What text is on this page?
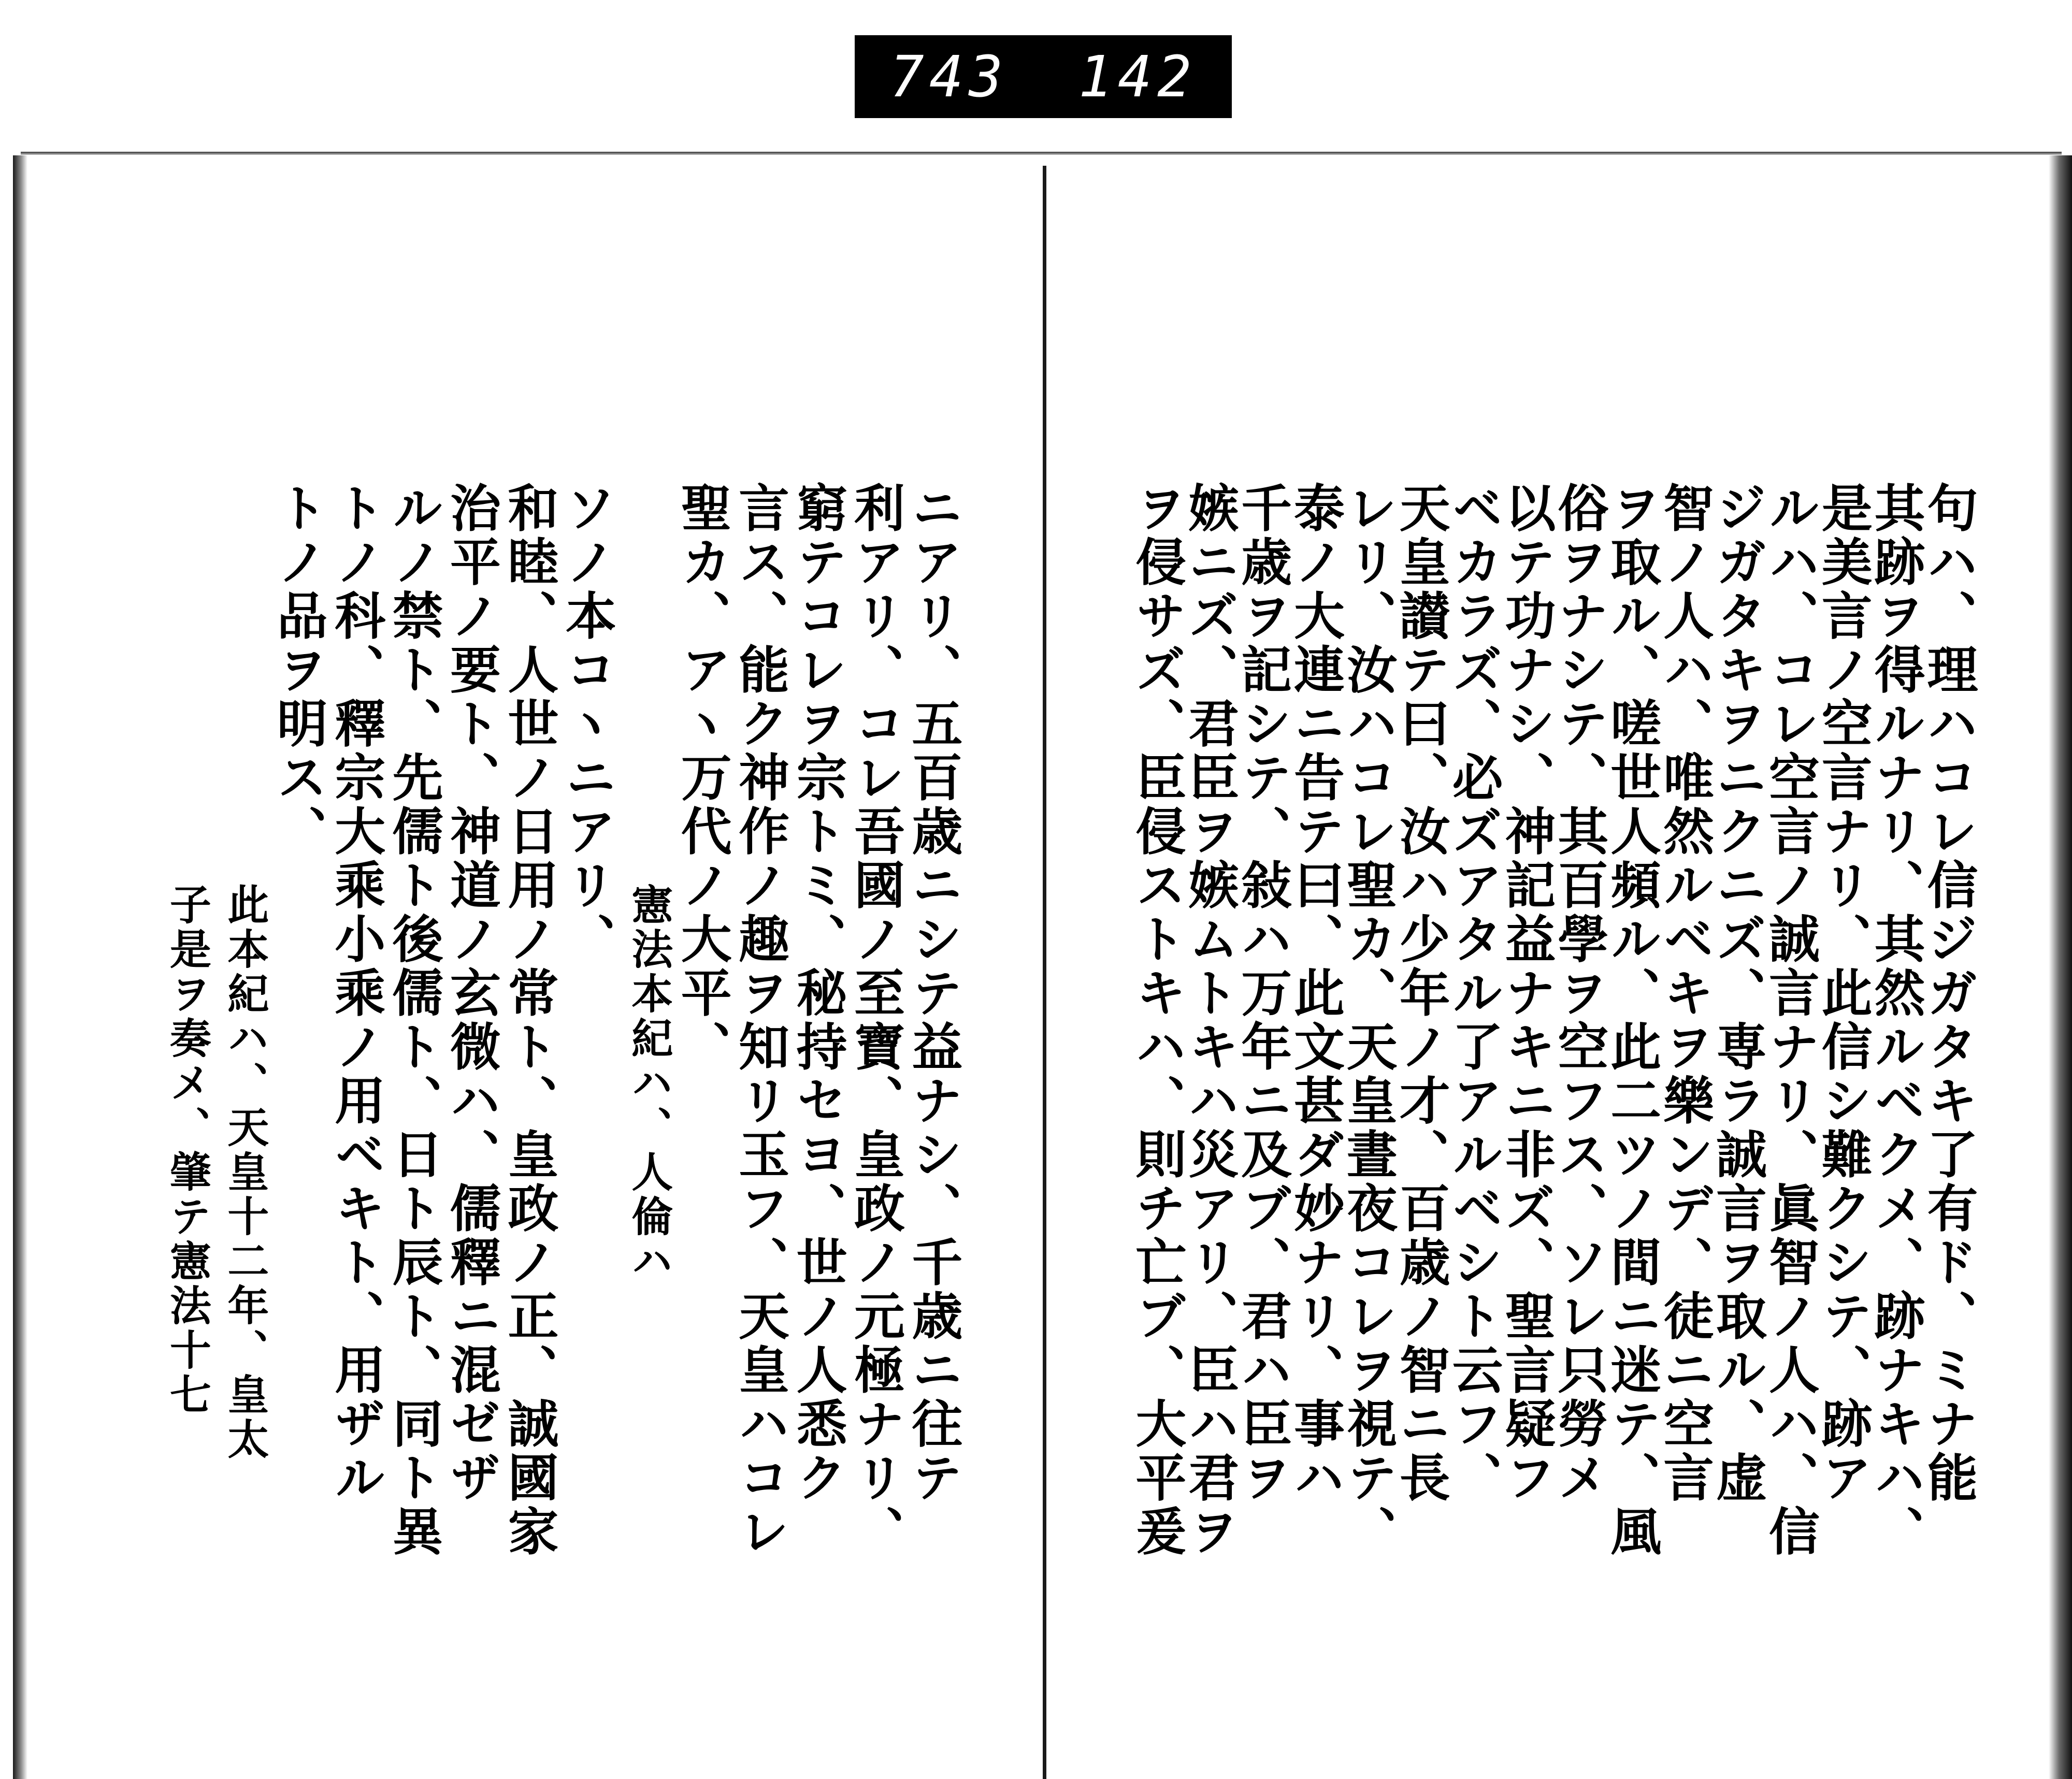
743 142
句ハ、理ハコレ信ジガタキ了有ド、ミナ能
其跡ヲ得ルナリ、其然ルベクメ、跡ナキハ、
是美言ノ空言ナリ、此信シ難クシテ、跡ア
ルハ、コレ空言ノ誠言ナリ、眞智ノ人ハ、信
ジガタキヲニクニズ、専ラ誠言ヲ取ル、虚
智ノ人ハ、唯然ルベキヲ樂ンデ、徒ニ空言
ヲ取ル、嗟世人頻ル、此二ツノ間ニ迷テ、風
俗ヲナシテ、其百學ヲ空フス、ソレ只勞メ
以テ功ナシ、神記益ナキニ非ズ、聖言疑フ
ベカラズ、必ズアタル了アルベシト云フ、
天皇讃テ曰、汝ハ少年ノ才、百歳ノ智ニ長
レリ、汝ハコレ聖カ、天皇晝夜コレヲ視テ、
泰ノ大連ニ告テ曰、此文甚ダ妙ナリ、事ハ
千歳ヲ記シテ、敍ハ万年ニ及ブ、君ハ臣ヲ
嫉ニズ、君臣ヲ嫉ムトキハ災アリ、臣ハ君ヲ
ヲ侵サズ、臣侵ストキハ、則チ亡ブ、大平爰
ニアリ、五百歳ニシテ益ナシ、千歳ニ往テ
利アリ、コレ吾國ノ至寶、皇政ノ元極ナリ、
窮テコレヲ宗トミ、秘持セヨ、世ノ人悉ク
言ス、能ク神作ノ趣ヲ知リ玉フ、天皇ハコレ
聖カ、アヽ万代ノ大平、
憲法本紀ハ、人倫ハ
ソノ本コヽニアリ、
和睦、人世ノ日用ノ常ト、皇政ノ正、誠國家
治平ノ要ト、神道ノ玄微ハ、儒釋ニ混ゼザ
ルノ禁ト、先儒ト後儒ト、日ト辰ト、同ト異
トノ科、釋宗大乘小乘ノ用ベキト、用ザル
トノ品ヲ明ス、
此本紀ハ、天皇十二年、皇太
子是ヲ奏メ、肇テ憲法十七
